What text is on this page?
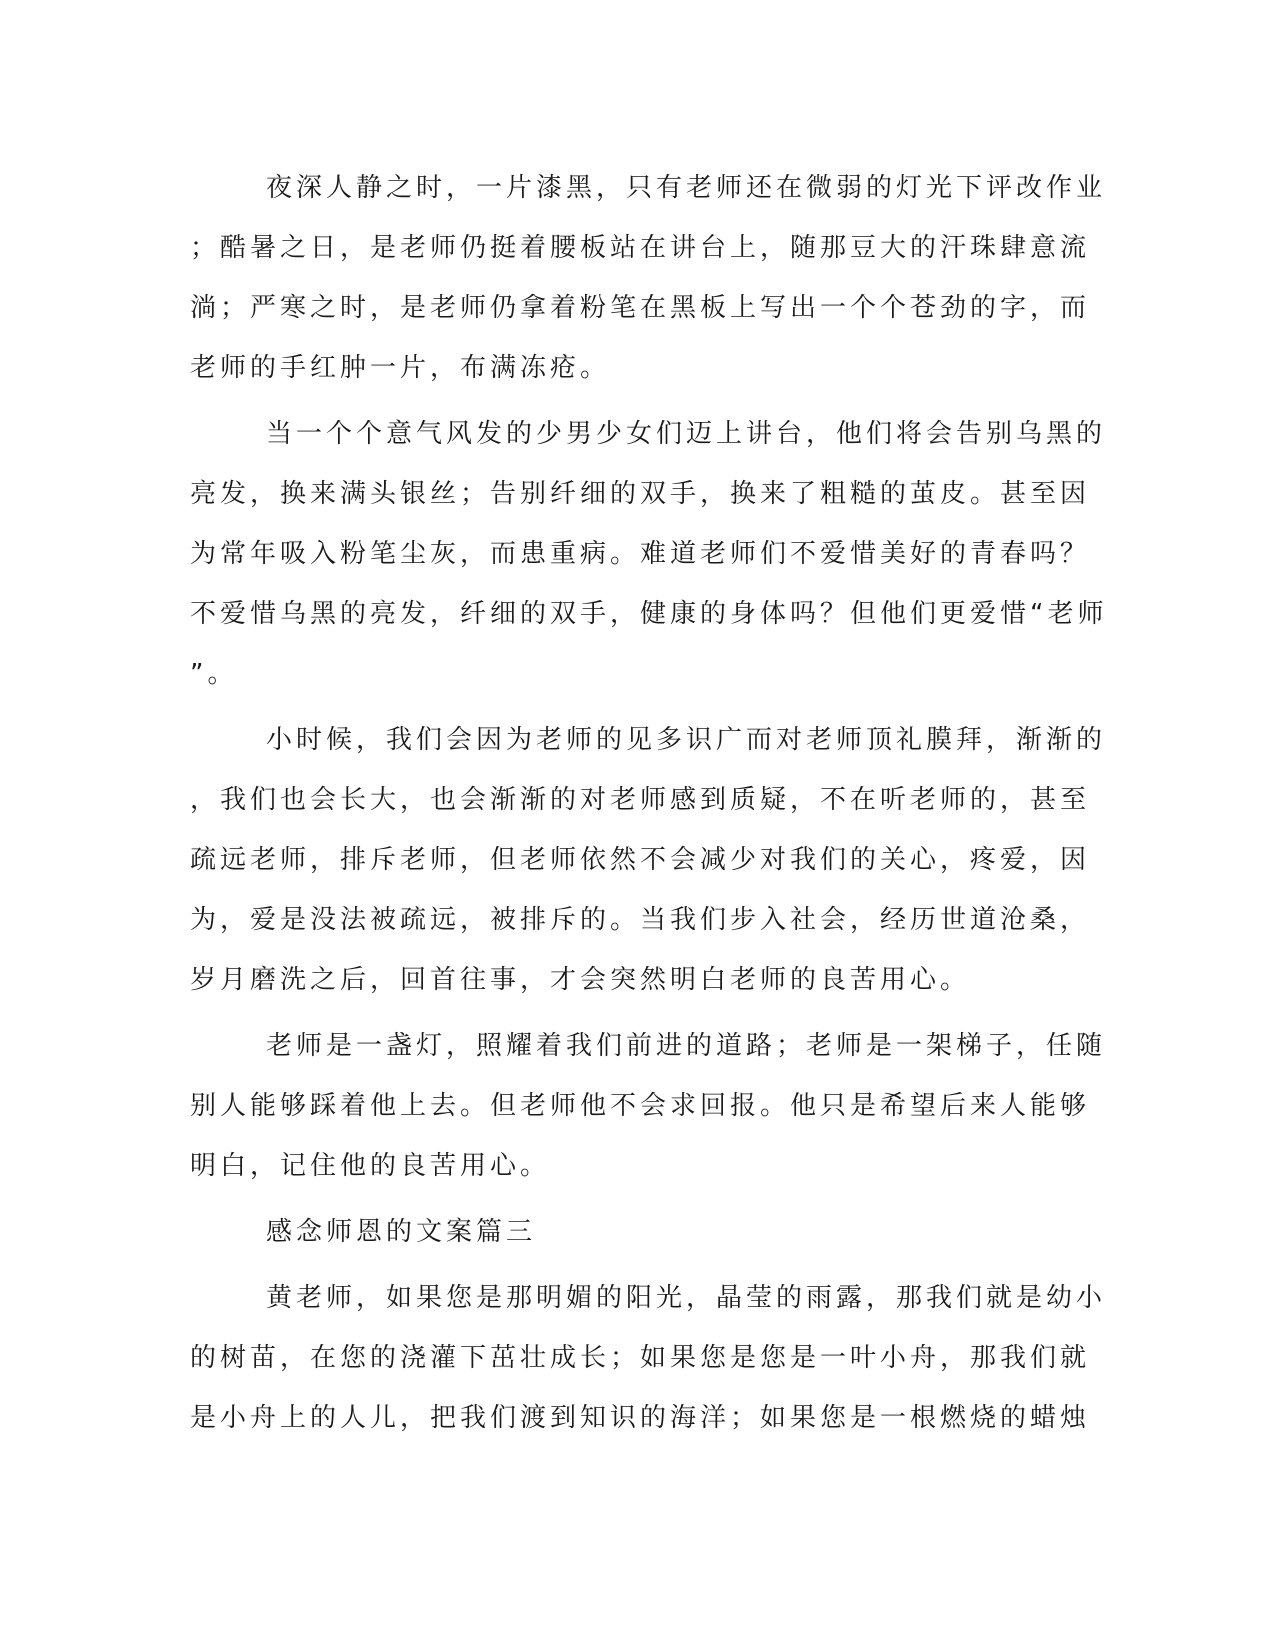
夜深人静之时，一片漆黑，只有老师还在微弱的灯光下评改作业
；酷暑之日，是老师仍挺着腰板站在讲台上，随那豆大的汗珠肆意流
淌；严寒之时，是老师仍拿着粉笔在黑板上写出一个个苍劲的字，而
老师的手红肿一片，布满冻疮。
当一个个意气风发的少男少女们迈上讲台，他们将会告别乌黑的
亮发，换来满头银丝；告别纤细的双手，换来了粗糙的茧皮。甚至因
为常年吸入粉笔尘灰，而患重病。难道老师们不爱惜美好的青春吗？
不爱惜乌黑的亮发，纤细的双手，健康的身体吗？但他们更爱惜“老师
”。
小时候，我们会因为老师的见多识广而对老师顶礼膜拜，渐渐的
，我们也会长大，也会渐渐的对老师感到质疑，不在听老师的，甚至
疏远老师，排斥老师，但老师依然不会减少对我们的关心，疼爱，因
为，爱是没法被疏远，被排斥的。当我们步入社会，经历世道沧桑，
岁月磨洗之后，回首往事，才会突然明白老师的良苦用心。
老师是一盏灯，照耀着我们前进的道路；老师是一架梯子，任随
别人能够踩着他上去。但老师他不会求回报。他只是希望后来人能够
明白，记住他的良苦用心。
感念师恩的文案篇三
黄老师，如果您是那明媚的阳光，晶莹的雨露，那我们就是幼小
的树苗，在您的浇灌下茁壮成长；如果您是您是一叶小舟，那我们就
是小舟上的人儿，把我们渡到知识的海洋；如果您是一根燃烧的蜡烛
